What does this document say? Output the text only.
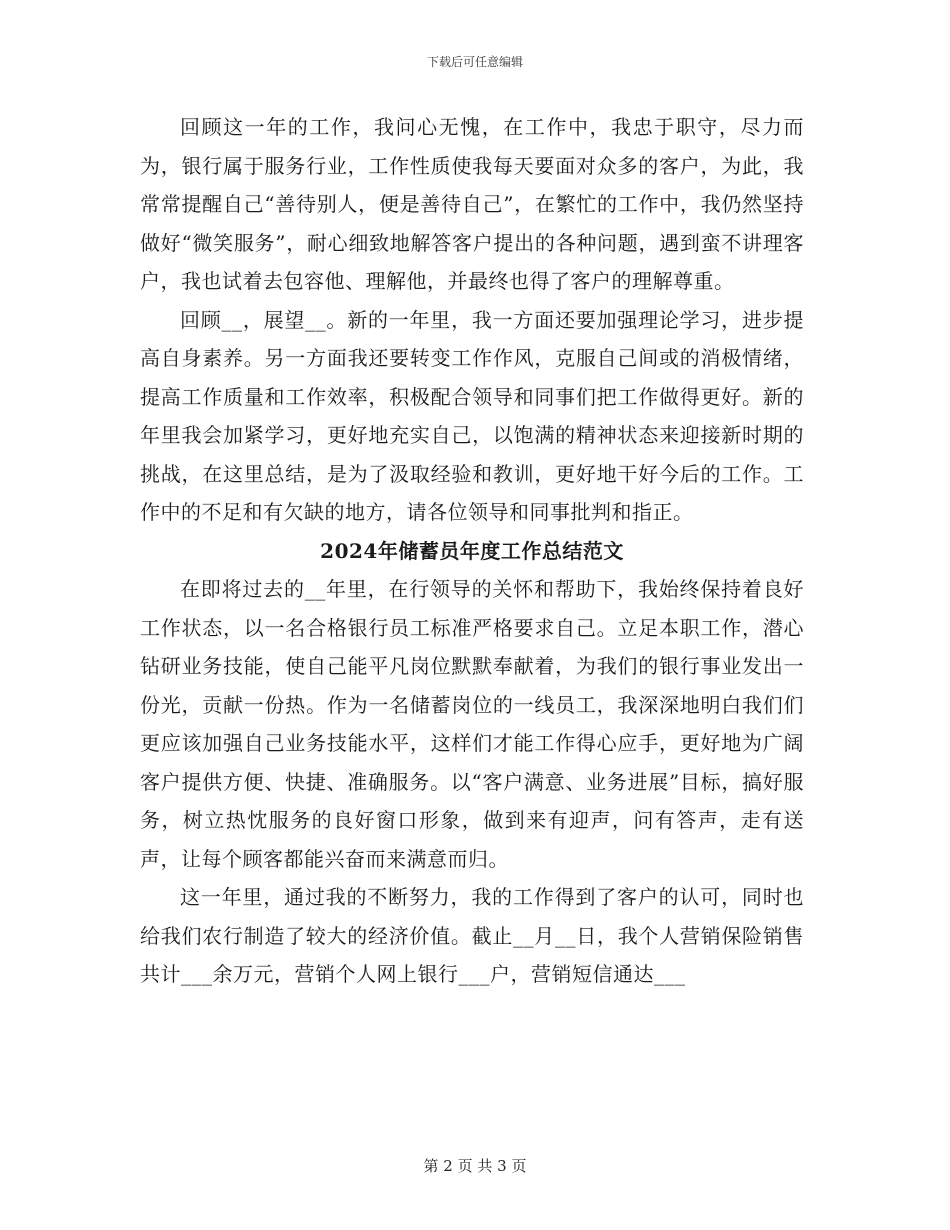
下载后可任意编辑

回顾这一年的工作，我问心无愧，在工作中，我忠于职守，尽力而为，银行属于服务行业，工作性质使我每天要面对众多的客户，为此，我常常提醒自己“善待别人，便是善待自己”，在繁忙的工作中，我仍然坚持做好“微笑服务”，耐心细致地解答客户提出的各种问题，遇到蛮不讲理客户，我也试着去包容他、理解他，并最终也得了客户的理解尊重。

回顾__，展望__。新的一年里，我一方面还要加强理论学习，进步提高自身素养。另一方面我还要转变工作作风，克服自己间或的消极情绪，提高工作质量和工作效率，积极配合领导和同事们把工作做得更好。新的年里我会加紧学习，更好地充实自己，以饱满的精神状态来迎接新时期的挑战，在这里总结，是为了汲取经验和教训，更好地干好今后的工作。工作中的不足和有欠缺的地方，请各位领导和同事批判和指正。

2024年储蓄员年度工作总结范文

在即将过去的__年里，在行领导的关怀和帮助下，我始终保持着良好工作状态，以一名合格银行员工标准严格要求自己。立足本职工作，潜心钻研业务技能，使自己能平凡岗位默默奉献着，为我们的银行事业发出一份光，贡献一份热。作为一名储蓄岗位的一线员工，我深深地明白我们们更应该加强自己业务技能水平，这样们才能工作得心应手，更好地为广阔客户提供方便、快捷、准确服务。以“客户满意、业务进展”目标，搞好服务，树立热忱服务的良好窗口形象，做到来有迎声，问有答声，走有送声，让每个顾客都能兴奋而来满意而归。

这一年里，通过我的不断努力，我的工作得到了客户的认可，同时也给我们农行制造了较大的经济价值。截止__月__日，我个人营销保险销售共计___余万元，营销个人网上银行___户，营销短信通达___

第 2 页 共 3 页
